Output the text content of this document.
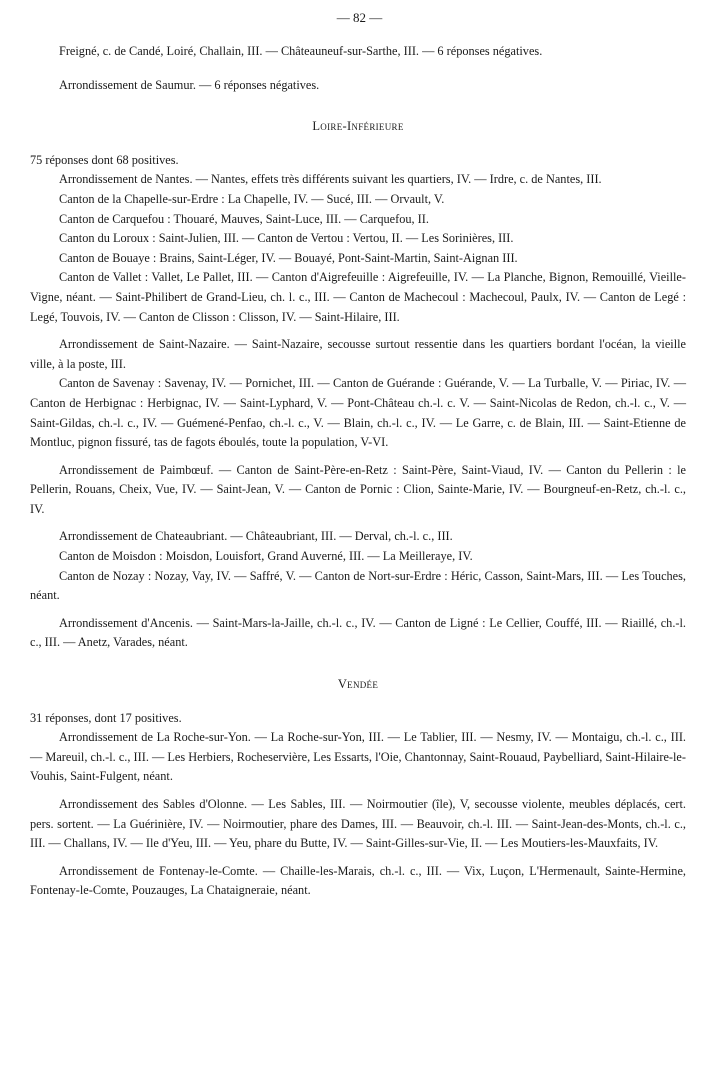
— 82 —

Freigné, c. de Candé, Loiré, Challain, III. — Châteauneuf-sur-Sarthe, III. — 6 réponses négatives.

Arrondissement de Saumur. — 6 réponses négatives.

Loire-Inférieure

75 réponses dont 68 positives.

Arrondissement de Nantes. — Nantes, effets très différents suivant les quartiers, IV. — Irdre, c. de Nantes, III.

Canton de la Chapelle-sur-Erdre : La Chapelle, IV. — Sucé, III. — Orvault, V.

Canton de Carquefou : Thouaré, Mauves, Saint-Luce, III. — Carquefou, II.

Canton du Loroux : Saint-Julien, III. — Canton de Vertou : Vertou, II. — Les Sorinières, III.

Canton de Bouaye : Brains, Saint-Léger, IV. — Bouayé, Pont-Saint-Martin, Saint-Aignan III.

Canton de Vallet : Vallet, Le Pallet, III. — Canton d'Aigrefeuille : Aigrefeuille, IV. — La Planche, Bignon, Remouillé, Vieille-Vigne, néant. — Saint-Philibert de Grand-Lieu, ch. l. c., III. — Canton de Machecoul : Machecoul, Paulx, IV. — Canton de Legé : Legé, Touvois, IV. — Canton de Clisson : Clisson, IV. — Saint-Hilaire, III.

Arrondissement de Saint-Nazaire. — Saint-Nazaire, secousse surtout ressentie dans les quartiers bordant l'océan, la vieille ville, à la poste, III.

Canton de Savenay : Savenay, IV. — Pornichet, III. — Canton de Guérande : Guérande, V. — La Turballe, V. — Piriac, IV. — Canton de Herbignac : Herbignac, IV. — Saint-Lyphard, V. — Pont-Château ch.-l. c. V. — Saint-Nicolas de Redon, ch.-l. c., V. — Saint-Gildas, ch.-l. c., IV. — Guémené-Penfao, ch.-l. c., V. — Blain, ch.-l. c., IV. — Le Garre, c. de Blain, III. — Saint-Etienne de Montluc, pignon fissuré, tas de fagots éboulés, toute la population, V-VI.

Arrondissement de Paimbœuf. — Canton de Saint-Père-en-Retz : Saint-Père, Saint-Viaud, IV. — Canton du Pellerin : le Pellerin, Rouans, Cheix, Vue, IV. — Saint-Jean, V. — Canton de Pornic : Clion, Sainte-Marie, IV. — Bourgneuf-en-Retz, ch.-l. c., IV.

Arrondissement de Chateaubriant. — Châteaubriant, III. — Derval, ch.-l. c., III.

Canton de Moisdon : Moisdon, Louisfort, Grand Auverné, III. — La Meilleraye, IV.

Canton de Nozay : Nozay, Vay, IV. — Saffré, V. — Canton de Nort-sur-Erdre : Héric, Casson, Saint-Mars, III. — Les Touches, néant.

Arrondissement d'Ancenis. — Saint-Mars-la-Jaille, ch.-l. c., IV. — Canton de Ligné : Le Cellier, Couffé, III. — Riaillé, ch.-l. c., III. — Anetz, Varades, néant.

Vendée

31 réponses, dont 17 positives.

Arrondissement de La Roche-sur-Yon. — La Roche-sur-Yon, III. — Le Tablier, III. — Nesmy, IV. — Montaigu, ch.-l. c., III. — Mareuil, ch.-l. c., III. — Les Herbiers, Rocheservière, Les Essarts, l'Oie, Chantonnay, Saint-Rouaud, Paybelliard, Saint-Hilaire-le-Vouhis, Saint-Fulgent, néant.

Arrondissement des Sables d'Olonne. — Les Sables, III. — Noirmoutier (île), V, secousse violente, meubles déplacés, cert. pers. sortent. — La Guérinière, IV. — Noirmoutier, phare des Dames, III. — Beauvoir, ch.-l. III. — Saint-Jean-des-Monts, ch.-l. c., III. — Challans, IV. — Ile d'Yeu, III. — Yeu, phare du Butte, IV. — Saint-Gilles-sur-Vie, II. — Les Moutiers-les-Mauxfaits, IV.

Arrondissement de Fontenay-le-Comte. — Chaille-les-Marais, ch.-l. c., III. — Vix, Luçon, L'Hermenault, Sainte-Hermine, Fontenay-le-Comte, Pouzauges, La Chataigneraie, néant.
